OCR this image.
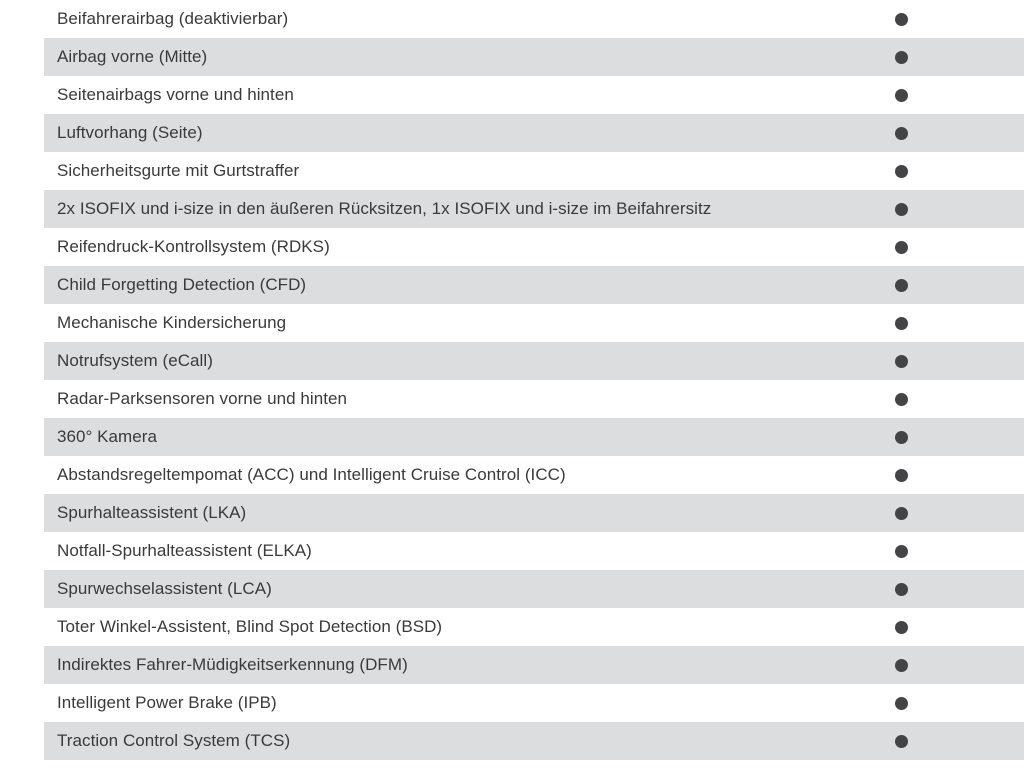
Beifahrerairbag (deaktivierbar)
Airbag vorne (Mitte)
Seitenairbags vorne und hinten
Luftvorhang (Seite)
Sicherheitsgurte mit Gurtstraffer
2x ISOFIX und i-size in den äußeren Rücksitzen, 1x ISOFIX und i-size im Beifahrersitz
Reifendruck-Kontrollsystem (RDKS)
Child Forgetting Detection (CFD)
Mechanische Kindersicherung
Notrufsystem (eCall)
Radar-Parksensoren vorne und hinten
360° Kamera
Abstandsregeltempomat (ACC) und Intelligent Cruise Control (ICC)
Spurhalteassistent (LKA)
Notfall-Spurhalteassistent (ELKA)
Spurwechselassistent (LCA)
Toter Winkel-Assistent, Blind Spot Detection (BSD)
Indirektes Fahrer-Müdigkeitserkennung (DFM)
Intelligent Power Brake (IPB)
Traction Control System (TCS)
